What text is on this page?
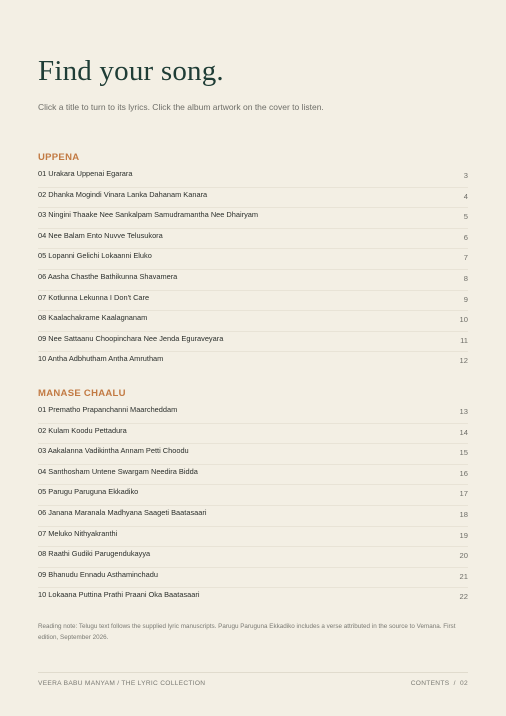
Find your song.

Click a title to turn to its lyrics. Click the album artwork on the cover to listen.

UPPENA
01 Urakara Uppenai Egarara	3
02 Dhanka Mogindi Vinara Lanka Dahanam Kanara	4
03 Ningini Thaake Nee Sankalpam Samudramantha Nee Dhairyam	5
04 Nee Balam Ento Nuvve Telusukora	6
05 Lopanni Gelichi Lokaanni Eluko	7
06 Aasha Chasthe Bathikunna Shavamera	8
07 Kotlunna Lekunna I Don't Care	9
08 Kaalachakrame Kaalagnanam	10
09 Nee Sattaanu Choopinchara Nee Jenda Eguraveyara	11
10 Antha Adbhutham Antha Amrutham	12
MANASE CHAALU
01 Prematho Prapanchanni Maarcheddam	13
02 Kulam Koodu Pettadura	14
03 Aakalanna Vadikintha Annam Petti Choodu	15
04 Santhosham Untene Swargam Needira Bidda	16
05 Parugu Paruguna Ekkadiko	17
06 Janana Maranala Madhyana Saageti Baatasaari	18
07 Meluko Nithyakranthi	19
08 Raathi Gudiki Parugendukayya	20
09 Bhanudu Ennadu Asthaminchadu	21
10 Lokaana Puttina Prathi Praani Oka Baatasaari	22

Reading note: Telugu text follows the supplied lyric manuscripts. Parugu Paruguna Ekkadiko includes a verse attributed in the source to Vemana. First edition, September 2026.

VEERA BABU MANYAM / THE LYRIC COLLECTION	CONTENTS  /  02
